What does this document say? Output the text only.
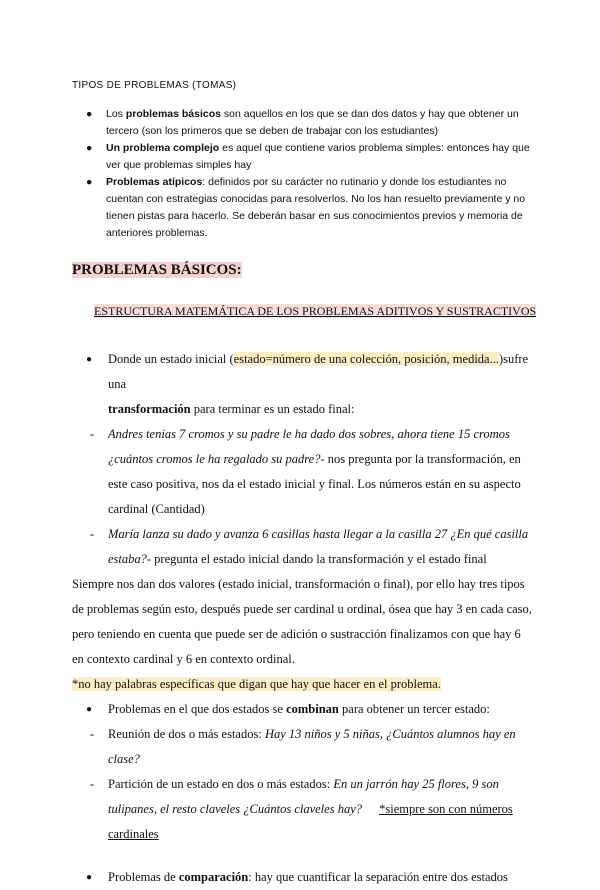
TIPOS DE PROBLEMAS (TOMAS)
● Los problemas básicos son aquellos en los que se dan dos datos y hay que obtener un tercero (son los primeros que se deben de trabajar con los estudiantes)
● Un problema complejo es aquel que contiene varios problema simples: entonces hay que ver que problemas simples hay
● Problemas atípicos: definidos por su carácter no rutinario y donde los estudiantes no cuentan con estrategias conocidas para resolverlos. No los han resuelto previamente y no tienen pistas para hacerlo. Se deberán basar en sus conocimientos previos y memoria de anteriores problemas.
PROBLEMAS BÁSICOS:
ESTRUCTURA MATEMÁTICA DE LOS PROBLEMAS ADITIVOS Y SUSTRACTIVOS
● Donde un estado inicial (estado=número de una colección, posición, medida...)sufre una
transformación para terminar es un estado final:
- Andres tenias 7 cromos y su padre le ha dado dos sobres, ahora tiene 15 cromos ¿cuántos cromos le ha regalado su padre?- nos pregunta por la transformación, en este caso positiva, nos da el estado inicial y final. Los números están en su aspecto cardinal (Cantidad)
- María lanza su dado y avanza 6 casillas hasta llegar a la casilla 27 ¿En qué casilla estaba?- pregunta el estado inicial dando la transformación y el estado final
Siempre nos dan dos valores (estado inicial, transformación o final), por ello hay tres tipos de problemas según esto, después puede ser cardinal u ordinal, ósea que hay 3 en cada caso, pero teniendo en cuenta que puede ser de adición o sustracción finalizamos con que hay 6 en contexto cardinal y 6 en contexto ordinal.
*no hay palabras específicas que digan que hay que hacer en el problema.
● Problemas en el que dos estados se combinan para obtener un tercer estado:
- Reunión de dos o más estados: Hay 13 niños y 5 niñas, ¿Cuántos alumnos hay en clase?
- Partición de un estado en dos o más estados: En un jarrón hay 25 flores, 9 son tulipanes, el resto claveles ¿Cuántos claveles hay? *siempre son con números cardinales
● Problemas de comparación: hay que cuantificar la separación entre dos estados
